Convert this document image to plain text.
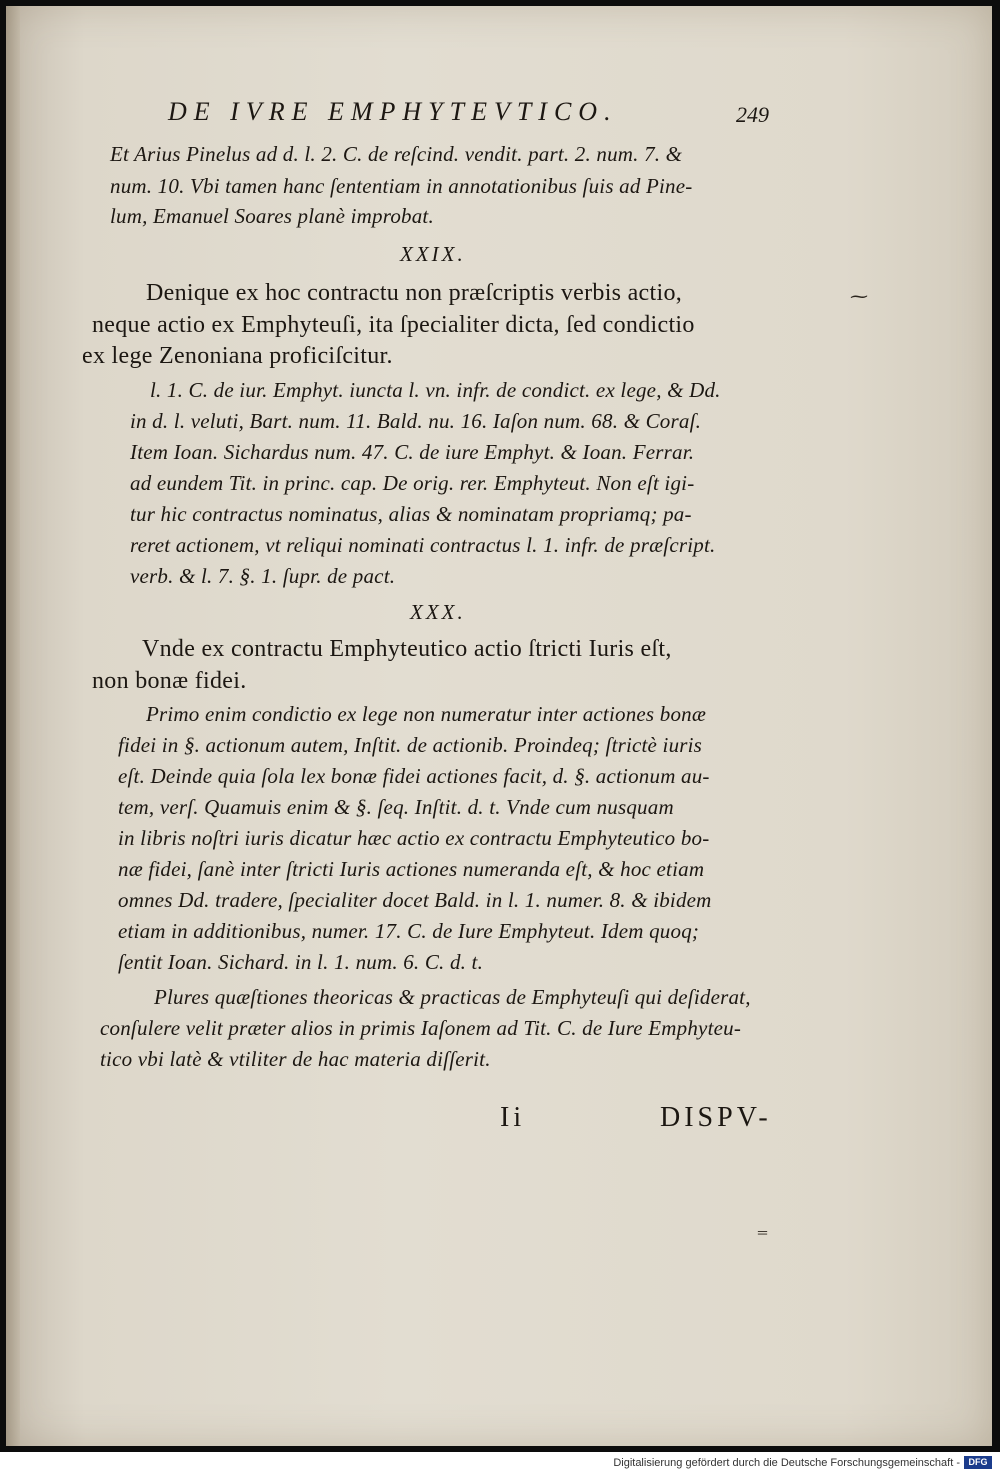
DE IVRE EMPHYTEVTICO.	249
Et Arius Pinelus ad d. l. 2. C. de reſcind. vendit. part. 2. num. 7. &
num. 10. Vbi tamen hanc ſententiam in annotationibus ſuis ad Pine-
lum, Emanuel Soares planè improbat.
XXIX.
Denique ex hoc contractu non præſcriptis verbis actio,
neque actio ex Emphyteuſi, ita ſpecialiter dicta, ſed condictio
ex lege Zenoniana proficiſcitur.
l. 1. C. de iur. Emphyt. iuncta l. vn. infr. de condict. ex lege, & Dd.
in d. l. veluti, Bart. num. 11. Bald. nu. 16. Iaſon num. 68. & Coraſ.
Item Ioan. Sichardus num. 47. C. de iure Emphyt. & Ioan. Ferrar.
ad eundem Tit. in princ. cap. De orig. rer. Emphyteut. Non eſt igi-
tur hic contractus nominatus, alias & nominatam propriamq; pa-
reret actionem, vt reliqui nominati contractus l. 1. infr. de præſcript.
verb. & l. 7. §. 1. ſupr. de pact.
XXX.
Vnde ex contractu Emphyteutico actio ſtricti Iuris eſt,
non bonæ fidei.
Primo enim condictio ex lege non numeratur inter actiones bonæ
fidei in §. actionum autem, Inſtit. de actionib. Proindeq; ſtrictè iuris
eſt. Deinde quia ſola lex bonæ fidei actiones facit, d. §. actionum au-
tem, verſ. Quamuis enim & §. ſeq. Inſtit. d. t. Vnde cum nusquam
in libris noſtri iuris dicatur hæc actio ex contractu Emphyteutico bo-
næ fidei, ſanè inter ſtricti Iuris actiones numeranda eſt, & hoc etiam
omnes Dd. tradere, ſpecialiter docet Bald. in l. 1. numer. 8. & ibidem
etiam in additionibus, numer. 17. C. de Iure Emphyteut. Idem quoq;
ſentit Ioan. Sichard. in l. 1. num. 6. C. d. t.
Plures quæſtiones theoricas & practicas de Emphyteuſi qui deſiderat,
conſulere velit præter alios in primis Iaſonem ad Tit. C. de Iure Emphyteu-
tico vbi latè & vtiliter de hac materia diſſerit.
Ii	DISPV-
⁓
‗
Digitalisierung gefördert durch die Deutsche Forschungsgemeinschaft - DFG
